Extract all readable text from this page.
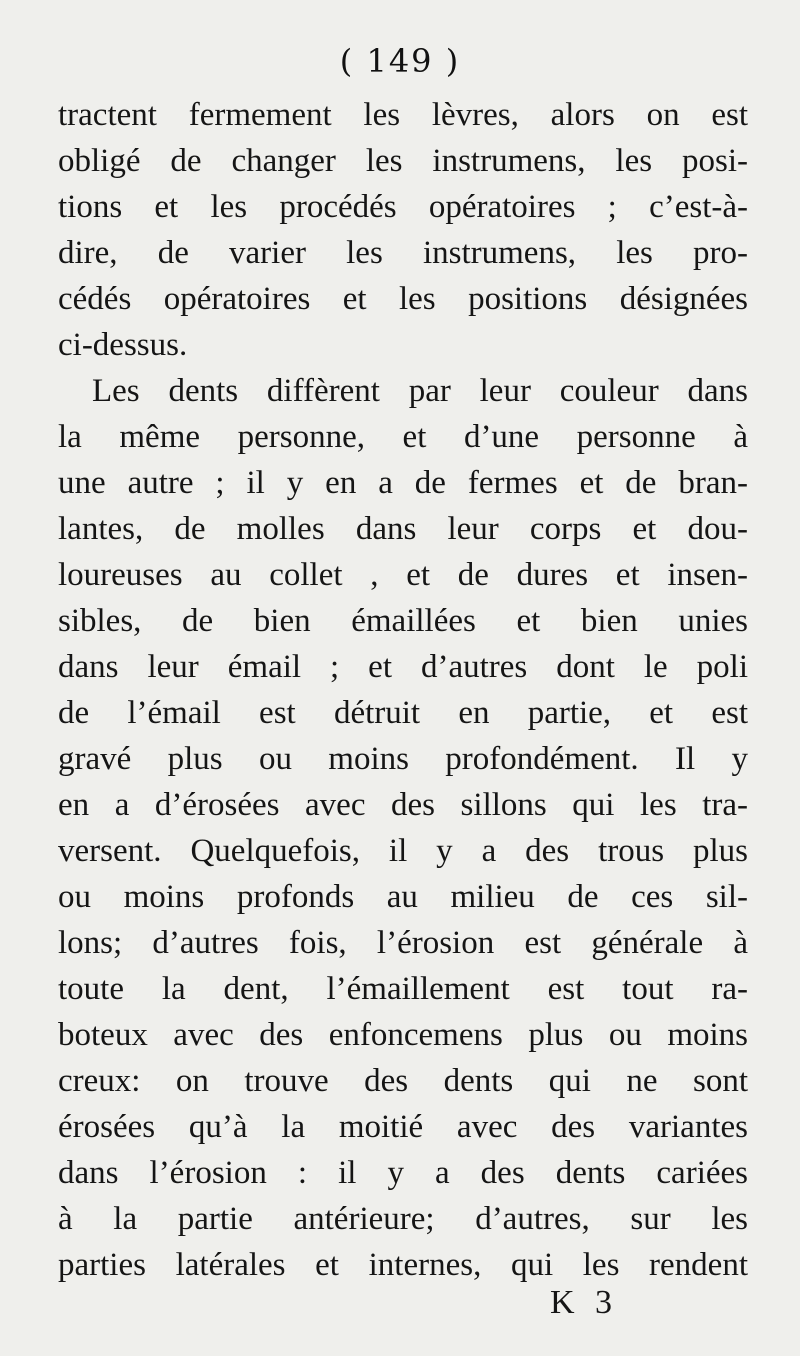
( 149 )
tractent fermement les lèvres, alors on est
obligé de changer les instrumens, les posi-
tions et les procédés opératoires ; c’est-à-
dire, de varier les instrumens, les pro-
cédés opératoires et les positions désignées
ci-dessus.
Les dents diffèrent par leur couleur dans
la même personne, et d’une personne à
une autre ; il y en a de fermes et de bran-
lantes, de molles dans leur corps et dou-
loureuses au collet , et de dures et insen-
sibles, de bien émaillées et bien unies
dans leur émail ; et d’autres dont le poli
de l’émail est détruit en partie, et est
gravé plus ou moins profondément. Il y
en a d’érosées avec des sillons qui les tra-
versent. Quelquefois, il y a des trous plus
ou moins profonds au milieu de ces sil-
lons; d’autres fois, l’érosion est générale à
toute la dent, l’émaillement est tout ra-
boteux avec des enfoncemens plus ou moins
creux: on trouve des dents qui ne sont
érosées qu’à la moitié avec des variantes
dans l’érosion : il y a des dents cariées
à la partie antérieure; d’autres, sur les
parties latérales et internes, qui les rendent
K 3
